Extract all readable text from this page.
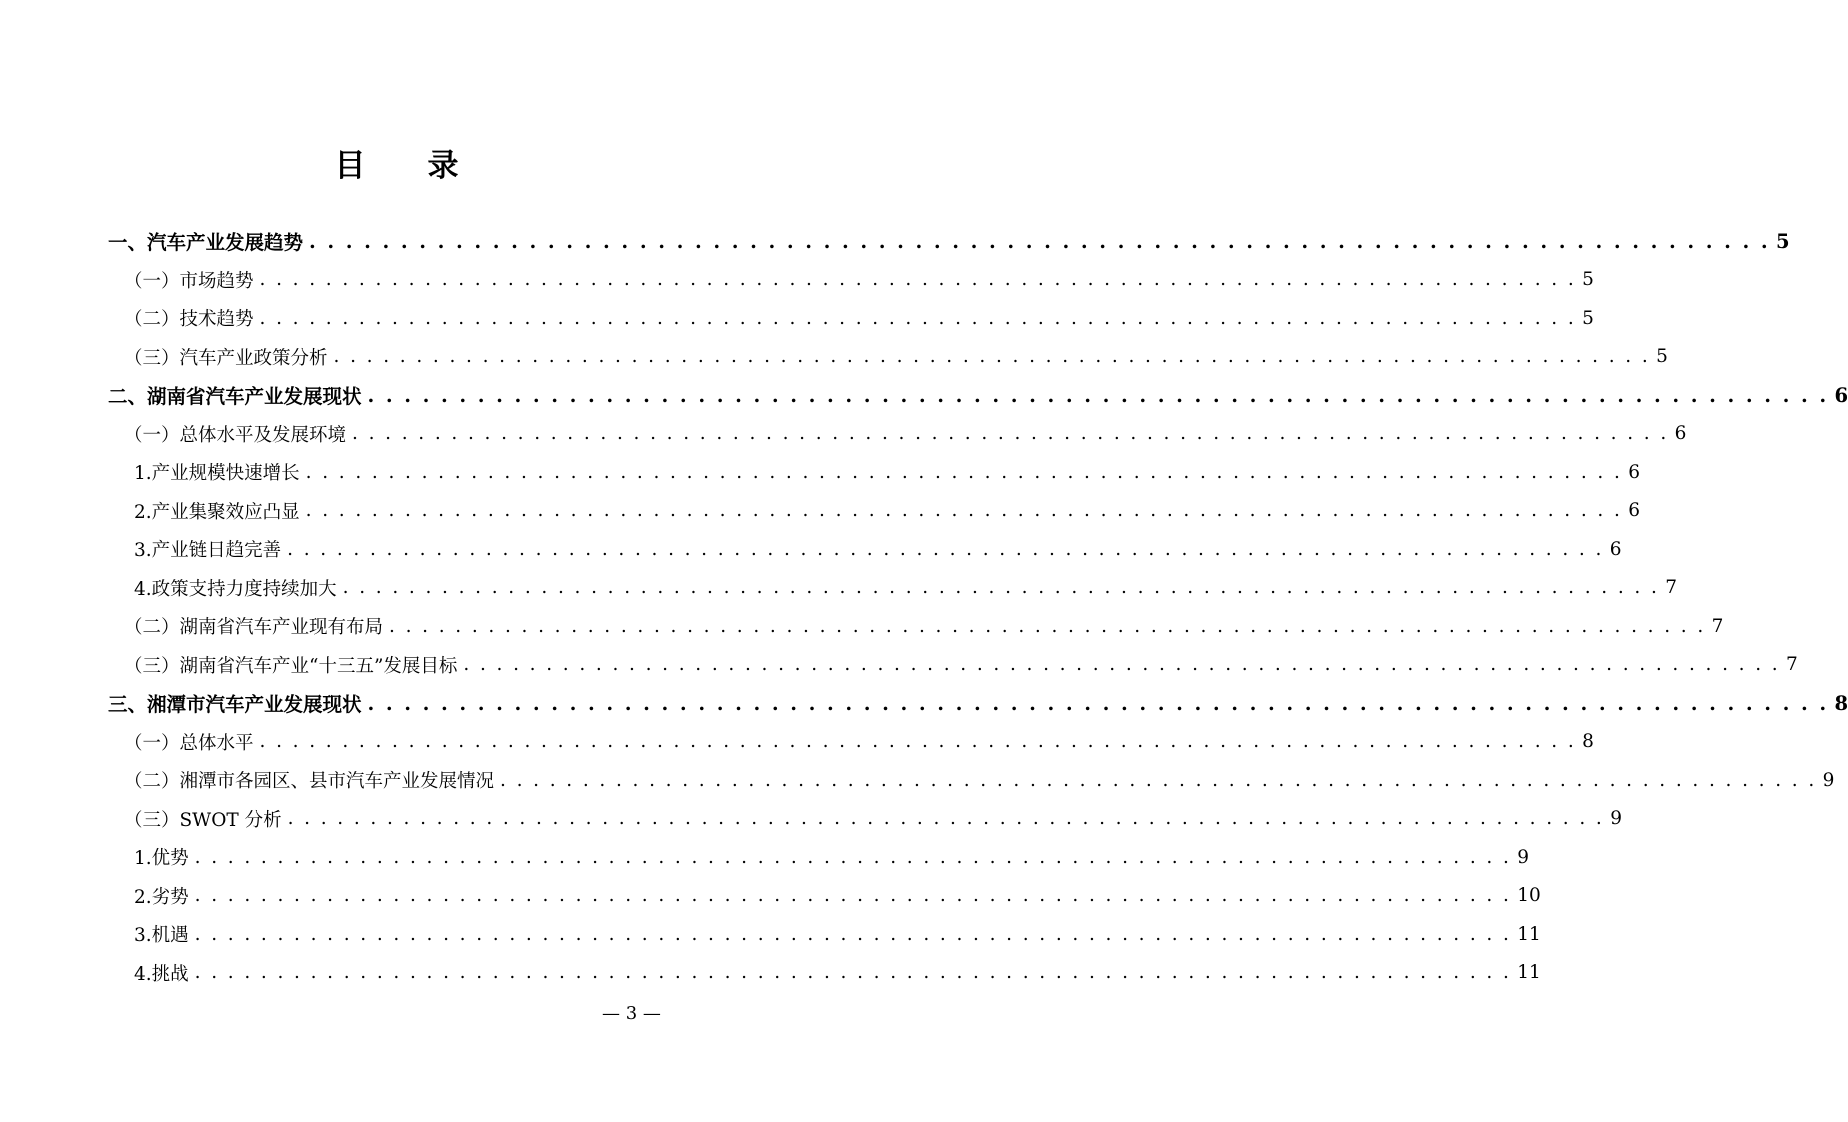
目 录
一、汽车产业发展趋势 . . . . . . . . . . . . . . . . . . . . . . . . . . . . . . . . . . . . . . . . . . . . . . . . . . . . . . . . . . . . . . . . . . . . . . . . . . . . . . . . 5
（一）市场趋势 . . . . . . . . . . . . . . . . . . . . . . . . . . . . . . . . . . . . . . . . . . . . . . . . . . . . . . . . . . . . . . . . . . . . . . . . . . . . . . . . 5
（二）技术趋势 . . . . . . . . . . . . . . . . . . . . . . . . . . . . . . . . . . . . . . . . . . . . . . . . . . . . . . . . . . . . . . . . . . . . . . . . . . . . . . . . 5
（三）汽车产业政策分析 . . . . . . . . . . . . . . . . . . . . . . . . . . . . . . . . . . . . . . . . . . . . . . . . . . . . . . . . . . . . . . . . . . . . . . . . . . . . . . . . 5
二、湖南省汽车产业发展现状 . . . . . . . . . . . . . . . . . . . . . . . . . . . . . . . . . . . . . . . . . . . . . . . . . . . . . . . . . . . . . . . . . . . . . . . . . . . . . . . . 6
（一）总体水平及发展环境 . . . . . . . . . . . . . . . . . . . . . . . . . . . . . . . . . . . . . . . . . . . . . . . . . . . . . . . . . . . . . . . . . . . . . . . . . . . . . . . . 6
1.产业规模快速增长 . . . . . . . . . . . . . . . . . . . . . . . . . . . . . . . . . . . . . . . . . . . . . . . . . . . . . . . . . . . . . . . . . . . . . . . . . . . . . . . . 6
2.产业集聚效应凸显 . . . . . . . . . . . . . . . . . . . . . . . . . . . . . . . . . . . . . . . . . . . . . . . . . . . . . . . . . . . . . . . . . . . . . . . . . . . . . . . . 6
3.产业链日趋完善 . . . . . . . . . . . . . . . . . . . . . . . . . . . . . . . . . . . . . . . . . . . . . . . . . . . . . . . . . . . . . . . . . . . . . . . . . . . . . . . . 6
4.政策支持力度持续加大 . . . . . . . . . . . . . . . . . . . . . . . . . . . . . . . . . . . . . . . . . . . . . . . . . . . . . . . . . . . . . . . . . . . . . . . . . . . . . . . . 7
（二）湖南省汽车产业现有布局 . . . . . . . . . . . . . . . . . . . . . . . . . . . . . . . . . . . . . . . . . . . . . . . . . . . . . . . . . . . . . . . . . . . . . . . . . . . . . . . . 7
（三）湖南省汽车产业“十三五”发展目标 . . . . . . . . . . . . . . . . . . . . . . . . . . . . . . . . . . . . . . . . . . . . . . . . . . . . . . . . . . . . . . . . . . . . . . . . . . . . . . . . 7
三、湘潭市汽车产业发展现状 . . . . . . . . . . . . . . . . . . . . . . . . . . . . . . . . . . . . . . . . . . . . . . . . . . . . . . . . . . . . . . . . . . . . . . . . . . . . . . . . 8
（一）总体水平 . . . . . . . . . . . . . . . . . . . . . . . . . . . . . . . . . . . . . . . . . . . . . . . . . . . . . . . . . . . . . . . . . . . . . . . . . . . . . . . . 8
（二）湘潭市各园区、县市汽车产业发展情况 . . . . . . . . . . . . . . . . . . . . . . . . . . . . . . . . . . . . . . . . . . . . . . . . . . . . . . . . . . . . . . . . . . . . . . . . . . . . . . . . 9
（三）SWOT 分析 . . . . . . . . . . . . . . . . . . . . . . . . . . . . . . . . . . . . . . . . . . . . . . . . . . . . . . . . . . . . . . . . . . . . . . . . . . . . . . . . 9
1.优势 . . . . . . . . . . . . . . . . . . . . . . . . . . . . . . . . . . . . . . . . . . . . . . . . . . . . . . . . . . . . . . . . . . . . . . . . . . . . . . . . 9
2.劣势 . . . . . . . . . . . . . . . . . . . . . . . . . . . . . . . . . . . . . . . . . . . . . . . . . . . . . . . . . . . . . . . . . . . . . . . . . . . . . . . . 10
3.机遇 . . . . . . . . . . . . . . . . . . . . . . . . . . . . . . . . . . . . . . . . . . . . . . . . . . . . . . . . . . . . . . . . . . . . . . . . . . . . . . . . 11
4.挑战 . . . . . . . . . . . . . . . . . . . . . . . . . . . . . . . . . . . . . . . . . . . . . . . . . . . . . . . . . . . . . . . . . . . . . . . . . . . . . . . . 11
— 3 —
